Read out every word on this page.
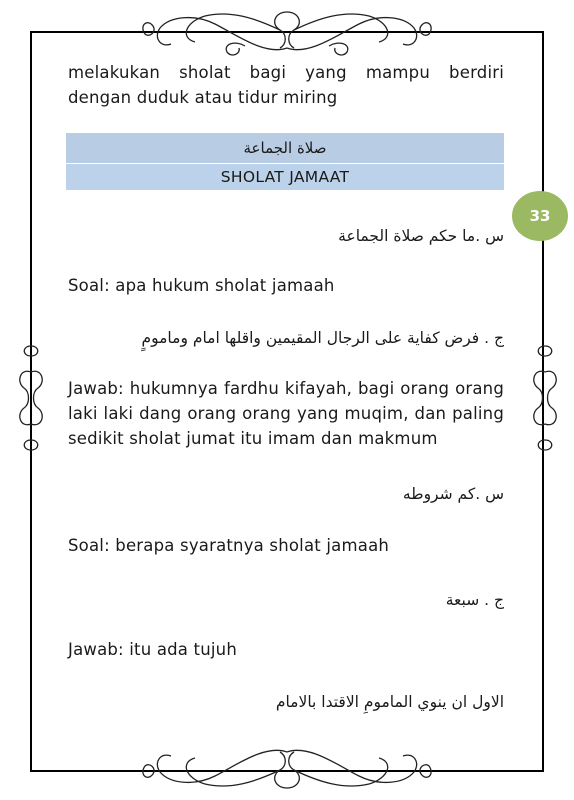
33
melakukan sholat bagi yang mampu berdiri dengan duduk atau tidur miring
صلاة الجماعة
SHOLAT JAMAAT
س .ما حكم صلاة الجماعة
Soal: apa hukum sholat jamaah
ج . فرض كفاية على الرجال المقيمين واقلها امام ومامومٍ
Jawab: hukumnya fardhu kifayah, bagi orang orang laki laki dang orang orang yang muqim, dan paling sedikit sholat jumat itu imam dan makmum
س .كم شروطه
Soal: berapa syaratnya sholat jamaah
ج . سبعة
Jawab: itu ada tujuh
الاول ان ينوي المامومِ الاقتدا بالامام
